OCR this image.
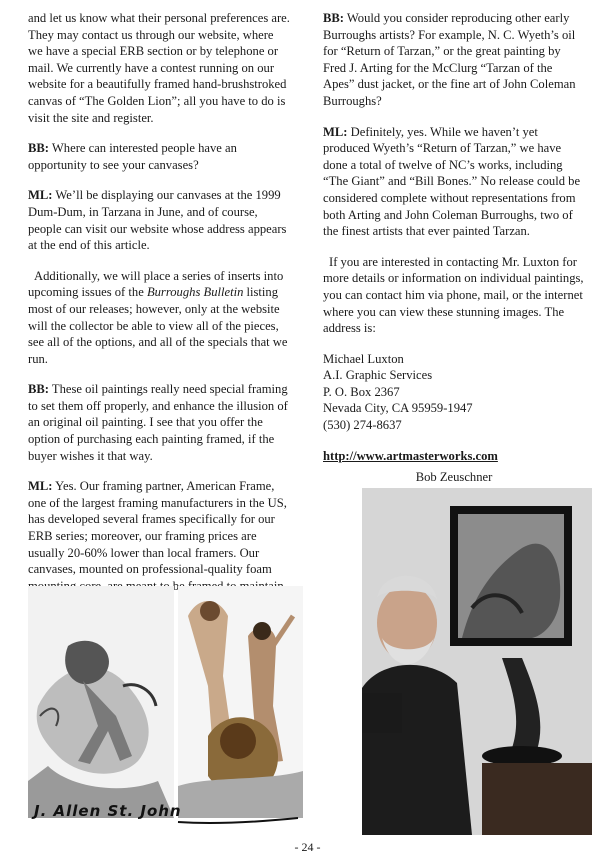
and let us know what their personal preferences are. They may contact us through our website, where we have a special ERB section or by telephone or mail. We currently have a contest running on our website for a beautifully framed hand-brushstroked canvas of “The Golden Lion”; all you have to do is visit the site and register.

BB: Where can interested people have an opportunity to see your canvases?

ML: We’ll be displaying our canvases at the 1999 Dum-Dum, in Tarzana in June, and of course, people can visit our website whose address appears at the end of this article.

Additionally, we will place a series of inserts into upcoming issues of the Burroughs Bulletin listing most of our releases; however, only at the website will the collector be able to view all of the pieces, see all of the options, and all of the specials that we run.

BB: These oil paintings really need special framing to set them off properly, and enhance the illusion of an original oil painting. I see that you offer the option of purchasing each painting framed, if the buyer wishes it that way.

ML: Yes. Our framing partner, American Frame, one of the largest framing manufacturers in the US, has developed several frames specifically for our ERB series; moreover, our framing prices are usually 20-60% lower than local framers. Our canvases, mounted on professional-quality foam

BB: Would you consider reproducing other early Burroughs artists? For example, N. C. Wyeth’s oil for “Return of Tarzan,” or the great painting by Fred J. Arting for the McClurg “Tarzan of the Apes” dust jacket, or the fine art of John Coleman Burroughs?

ML: Definitely, yes. While we haven’t yet produced Wyeth’s “Return of Tarzan,” we have done a total of twelve of NC’s works, including “The Giant” and “Bill Bones.” No release could be considered complete without representations from both Arting and John Coleman Burroughs, two of the finest artists that ever painted Tarzan.

If you are interested in contacting Mr. Luxton for more details or information on individual paintings, you can contact him via phone, mail, or the internet where you can view these stunning images. The address is:

Michael Luxton
A.I. Graphic Services
P. O. Box 2367
Nevada City, CA 95959-1947
(530) 274-8637
http://www.artmasterworks.com
Bob Zeuschner
J. Allen St. John
- 24 -
